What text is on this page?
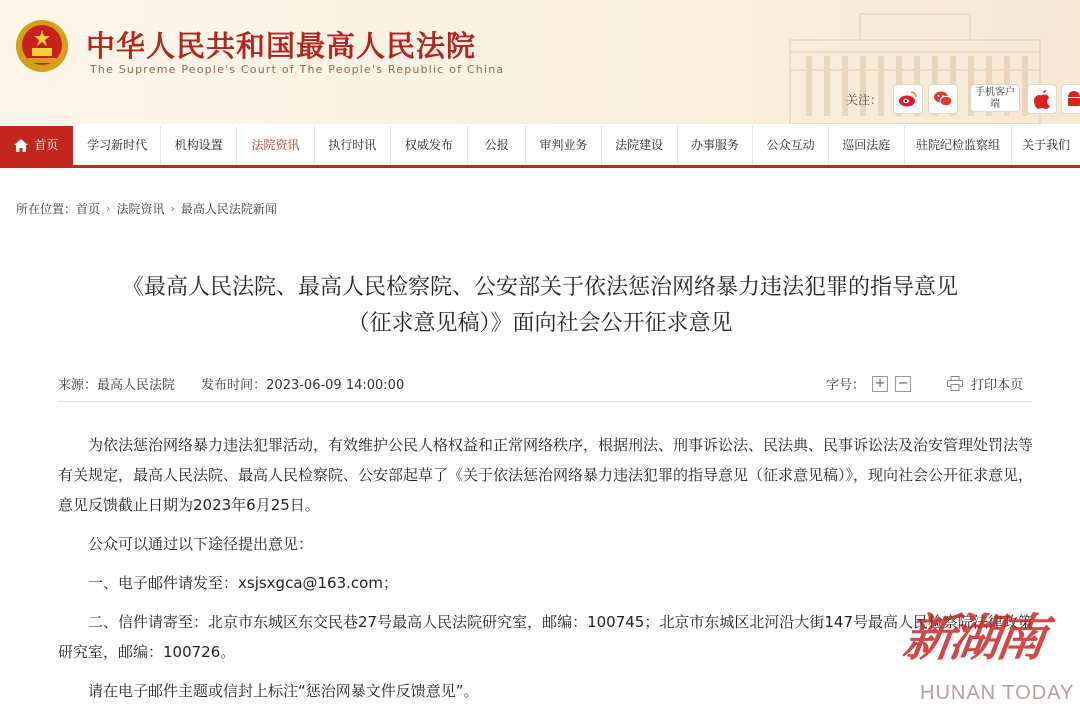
中华人民共和国最高人民法院
The Supreme People's Court of The People's Republic of China
关注：
手机客户端
首页	学习新时代	机构设置	法院资讯	执行时讯	权威发布	公报	审判业务	法院建设	办事服务	公众互动	巡回法庭	驻院纪检监察组	关于我们
所在位置：首页 › 法院资讯 › 最高人民法院新闻
《最高人民法院、最高人民检察院、公安部关于依法惩治网络暴力违法犯罪的指导意见
（征求意见稿）》面向社会公开征求意见
来源：最高人民法院 发布时间：2023-06-09 14:00:00	字号： + −	打印本页

为依法惩治网络暴力违法犯罪活动，有效维护公民人格权益和正常网络秩序，根据刑法、刑事诉讼法、民法典、民事诉讼法及治安管理处罚法等有关规定，最高人民法院、最高人民检察院、公安部起草了《关于依法惩治网络暴力违法犯罪的指导意见（征求意见稿）》，现向社会公开征求意见，意见反馈截止日期为2023年6月25日。

公众可以通过以下途径提出意见：

一、电子邮件请发至：xsjsxgca@163.com；

二、信件请寄至：北京市东城区东交民巷27号最高人民法院研究室，邮编：100745；北京市东城区北河沿大街147号最高人民检察院法律政策研究室，邮编：100726。

请在电子邮件主题或信封上标注“惩治网暴文件反馈意见”。

新湖南
HUNAN TODAY
